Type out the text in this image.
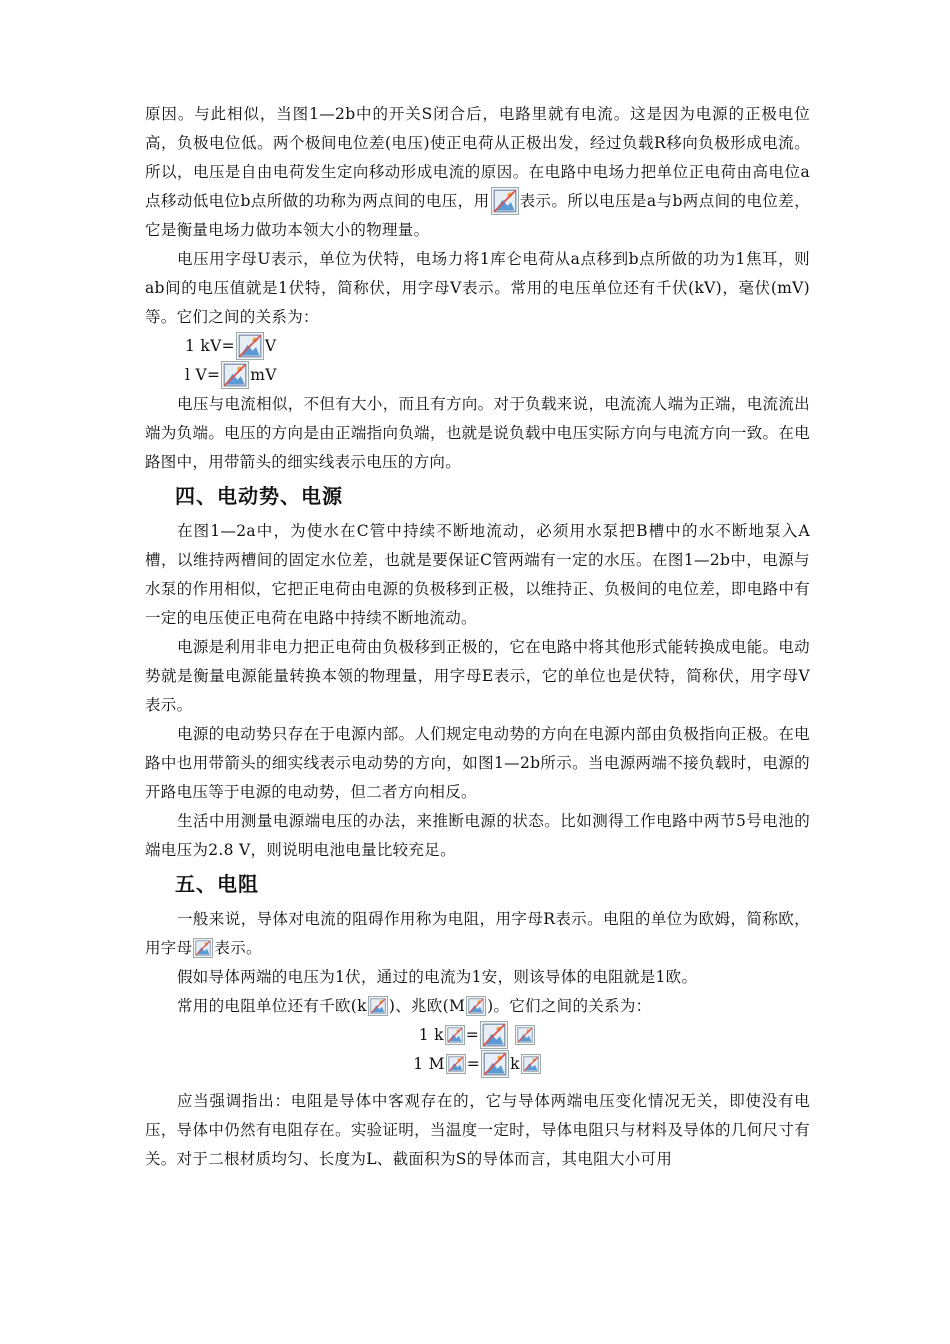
原因。与此相似，当图1—2b中的开关S闭合后，电路里就有电流。这是因为电源的正极电位高，负极电位低。两个极间电位差(电压)使正电荷从正极出发，经过负载R移向负极形成电流。所以，电压是自由电荷发生定向移动形成电流的原因。在电路中电场力把单位正电荷由高电位a点移动低电位b点所做的功称为两点间的电压，用 表示。所以电压是a与b两点间的电位差，它是衡量电场力做功本领大小的物理量。

电压用字母U表示，单位为伏特，电场力将1库仑电荷从a点移到b点所做的功为1焦耳，则ab间的电压值就是1伏特，简称伏，用字母V表示。常用的电压单位还有千伏(kV)，毫伏(mV)等。它们之间的关系为：

1 kV= V

l V= mV

电压与电流相似，不但有大小，而且有方向。对于负载来说，电流流人端为正端，电流流出端为负端。电压的方向是由正端指向负端，也就是说负载中电压实际方向与电流方向一致。在电路图中，用带箭头的细实线表示电压的方向。

四、电动势、电源

在图1—2a中，为使水在C管中持续不断地流动，必须用水泵把B槽中的水不断地泵入A槽，以维持两槽间的固定水位差，也就是要保证C管两端有一定的水压。在图1—2b中，电源与水泵的作用相似，它把正电荷由电源的负极移到正极，以维持正、负极间的电位差，即电路中有一定的电压使正电荷在电路中持续不断地流动。

电源是利用非电力把正电荷由负极移到正极的，它在电路中将其他形式能转换成电能。电动势就是衡量电源能量转换本领的物理量，用字母E表示，它的单位也是伏特，简称伏，用字母V表示。

电源的电动势只存在于电源内部。人们规定电动势的方向在电源内部由负极指向正极。在电路中也用带箭头的细实线表示电动势的方向，如图1—2b所示。当电源两端不接负载时，电源的开路电压等于电源的电动势，但二者方向相反。

生活中用测量电源端电压的办法，来推断电源的状态。比如测得工作电路中两节5号电池的端电压为2.8 V，则说明电池电量比较充足。

五、电阻

一般来说，导体对电流的阻碍作用称为电阻，用字母R表示。电阻的单位为欧姆，简称欧，用字母 表示。

假如导体两端的电压为1伏，通过的电流为1安，则该导体的电阻就是1欧。

常用的电阻单位还有千欧(k )、兆欧(M )。它们之间的关系为：

1 k =

1 M = k

应当强调指出：电阻是导体中客观存在的，它与导体两端电压变化情况无关，即使没有电压，导体中仍然有电阻存在。实验证明，当温度一定时，导体电阻只与材料及导体的几何尺寸有关。对于二根材质均匀、长度为L、截面积为S的导体而言，其电阻大小可用
